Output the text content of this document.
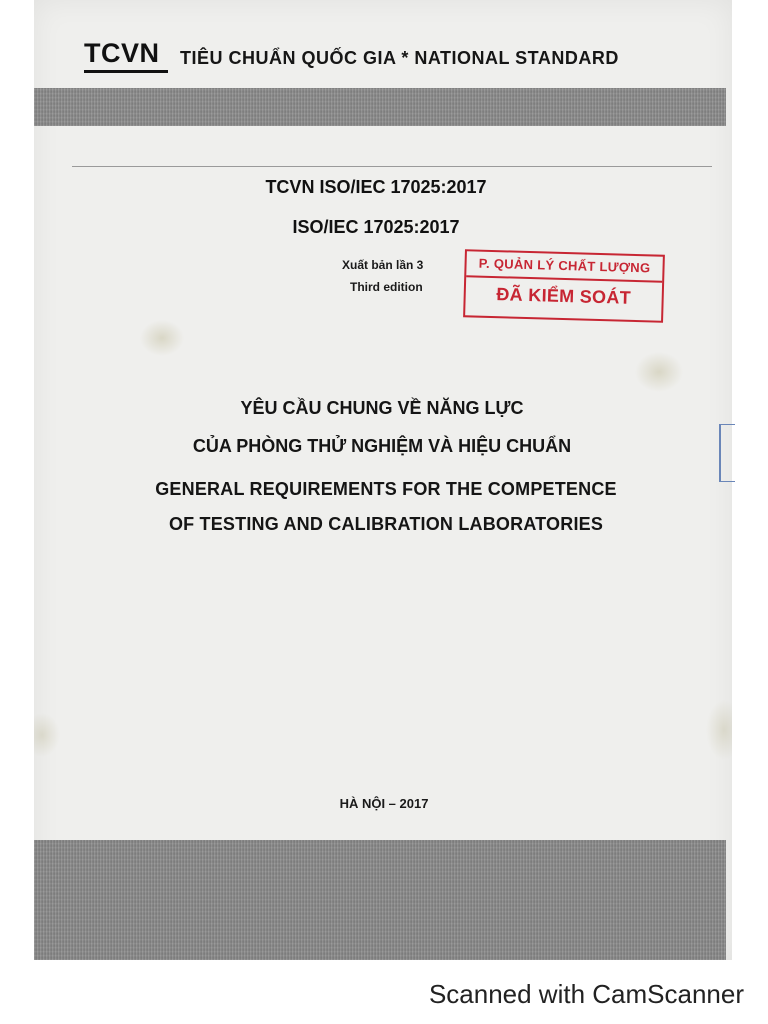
TCVN TIÊU CHUẨN QUỐC GIA * NATIONAL STANDARD
TCVN ISO/IEC 17025:2017
ISO/IEC 17025:2017
Xuất bản lần 3
Third edition
P. QUẢN LÝ CHẤT LƯỢNG
ĐÃ KIỂM SOÁT
YÊU CẦU CHUNG VỀ NĂNG LỰC
CỦA PHÒNG THỬ NGHIỆM VÀ HIỆU CHUẨN
GENERAL REQUIREMENTS FOR THE COMPETENCE
OF TESTING AND CALIBRATION LABORATORIES
HÀ NỘI – 2017
Scanned with CamScanner
